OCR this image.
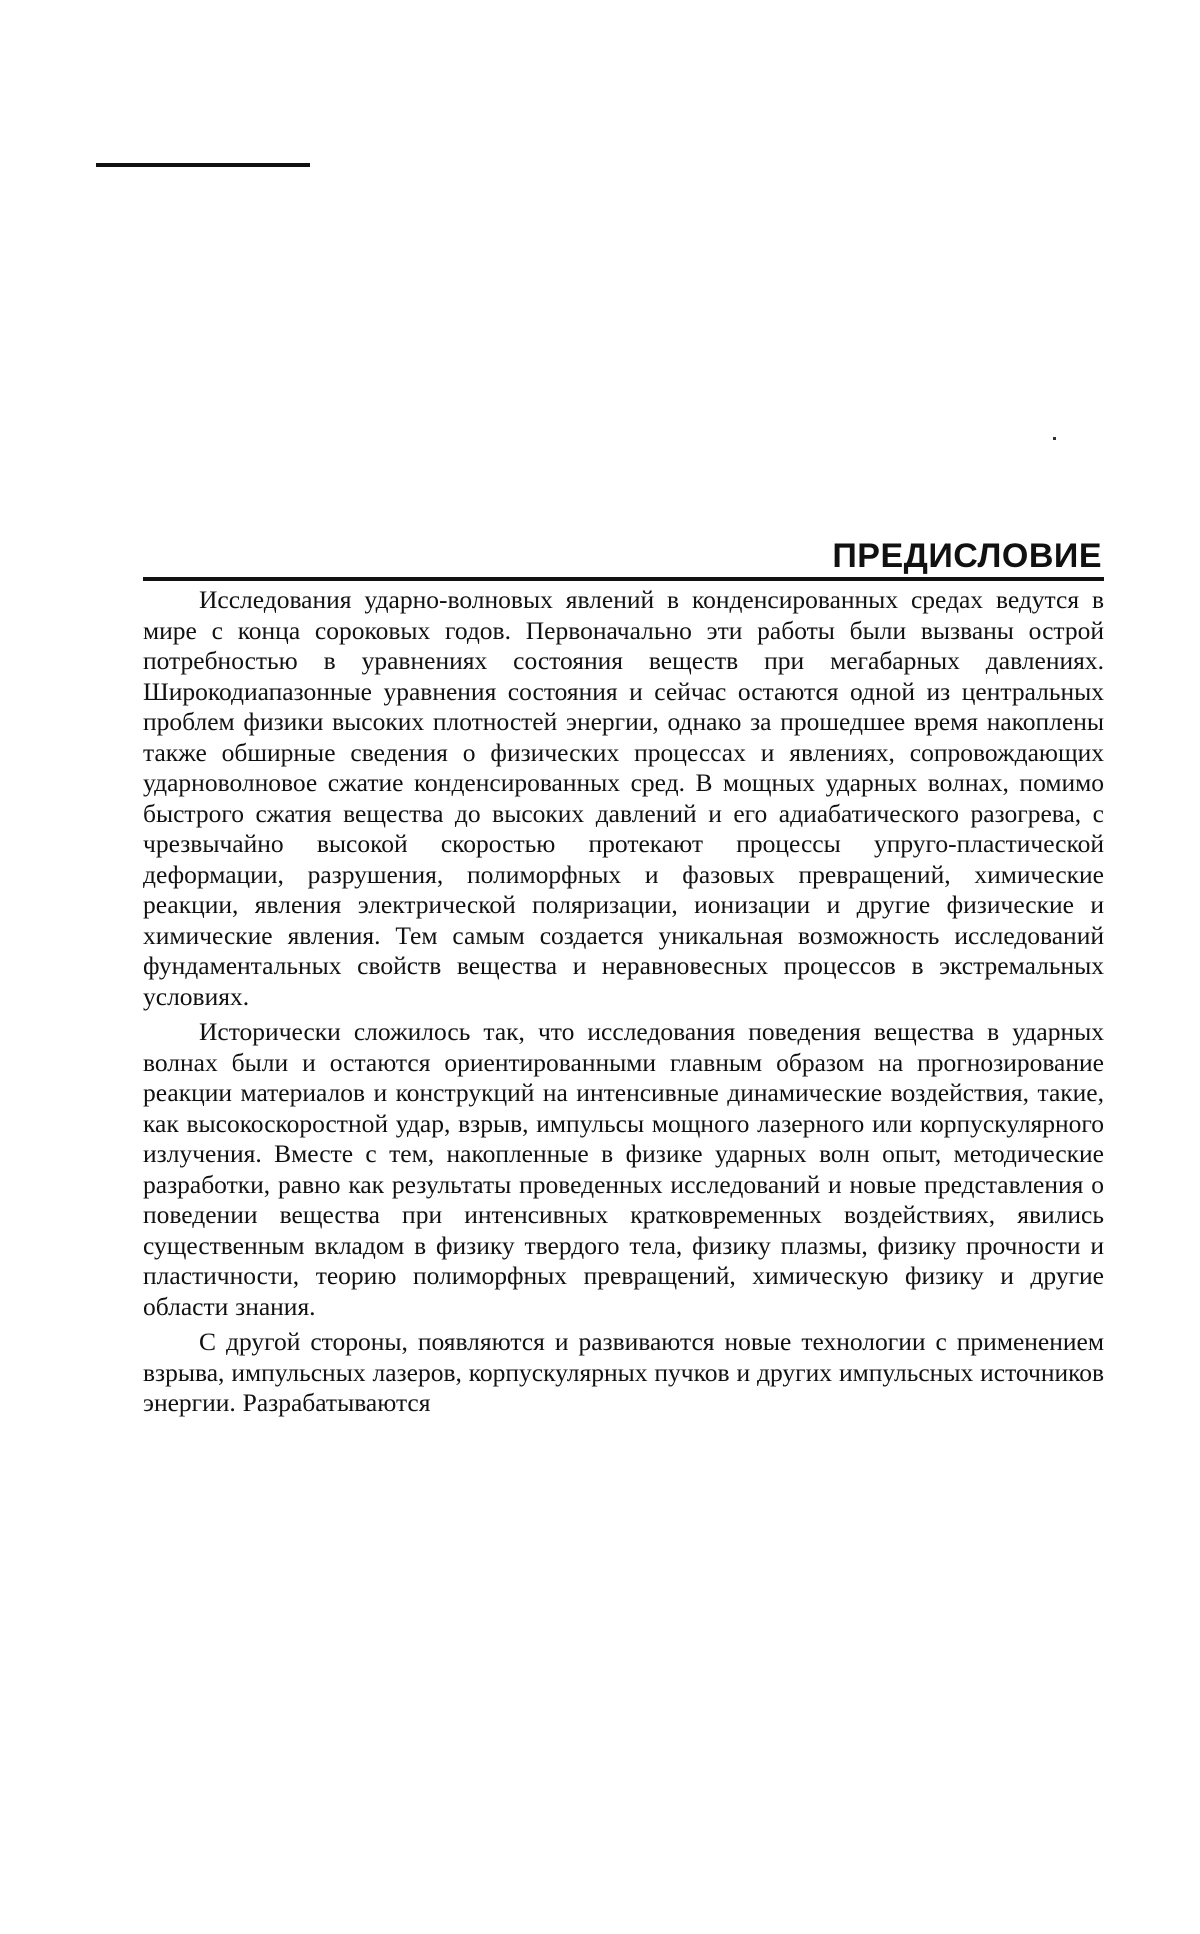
ПРЕДИСЛОВИЕ

Исследования ударно-волновых явлений в конденсированных средах ведутся в мире с конца сороковых годов. Первоначально эти работы были вызваны острой потребностью в уравнениях состояния веществ при мегабарных давлениях. Широкодиапазонные уравнения состояния и сейчас остаются одной из центральных проблем физики высоких плотностей энергии, однако за прошедшее время накоплены также обширные сведения о физических процессах и явлениях, сопровождающих ударноволновое сжатие конденсированных сред. В мощных ударных волнах, помимо быстрого сжатия вещества до высоких давлений и его адиабатического разогрева, с чрезвычайно высокой скоростью протекают процессы упруго-пластической деформации, разрушения, полиморфных и фазовых превращений, химические реакции, явления электрической поляризации, ионизации и другие физические и химические явления. Тем самым создается уникальная возможность исследований фундаментальных свойств вещества и неравновесных процессов в экстремальных условиях.

Исторически сложилось так, что исследования поведения вещества в ударных волнах были и остаются ориентированными главным образом на прогнозирование реакции материалов и конструкций на интенсивные динамические воздействия, такие, как высокоскоростной удар, взрыв, импульсы мощного лазерного или корпускулярного излучения. Вместе с тем, накопленные в физике ударных волн опыт, методические разработки, равно как результаты проведенных исследований и новые представления о поведении вещества при интенсивных кратковременных воздействиях, явились существенным вкладом в физику твердого тела, физику плазмы, физику прочности и пластичности, теорию полиморфных превращений, химическую физику и другие области знания.

С другой стороны, появляются и развиваются новые технологии с применением взрыва, импульсных лазеров, корпускулярных пучков и других импульсных источников энергии. Разрабатываются
